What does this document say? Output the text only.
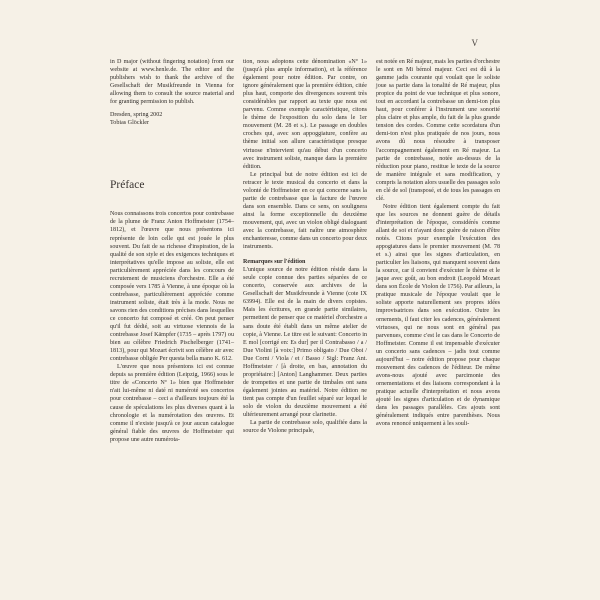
V

in D major (without fingering notation) from our website at www.henle.de. The editor and the publishers wish to thank the archive of the Gesellschaft der Musikfreunde in Vienna for allowing them to consult the source material and for granting permission to publish.

Dresden, spring 2002

Tobias Glöckler

Préface

Nous connaissons trois concertos pour contrebasse de la plume de Franz Anton Hoffmeister (1754–1812), et l'œuvre que nous présentons ici représente de loin celle qui est jouée le plus souvent. Du fait de sa richesse d'inspiration, de la qualité de son style et des exigences techniques et interprétatives qu'elle impose au soliste, elle est particulièrement appréciée dans les concours de recrutement de musiciens d'orchestre. Elle a été composée vers 1785 à Vienne, à une époque où la contrebasse, particulièrement appréciée comme instrument soliste, était très à la mode. Nous ne savons rien des conditions précises dans lesquelles ce concerto fut composé et créé. On peut penser qu'il fut dédié, soit au virtuose viennois de la contrebasse Josef Kämpfer (1735 – après 1797) ou bien au célèbre Friedrich Pischelberger (1741–1813), pour qui Mozart écrivit son célèbre air avec contrebasse obligée Per questa bella mano K. 612.

L'œuvre que nous présentons ici est connue depuis sa première édition (Leipzig, 1966) sous le titre de «Concerto Nº 1» bien que Hoffmeister n'ait lui-même ni daté ni numéroté ses concertos pour contrebasse – ceci a d'ailleurs toujours été la cause de spéculations les plus diverses quant à la chronologie et la numérotation des œuvres. Et comme il n'existe jusqu'à ce jour aucun catalogue général fiable des œuvres de Hoffmeister qui propose une autre numérota-

tion, nous adoptons cette dénomination «Nº 1» (jusqu'à plus ample information), et la référence également pour notre édition. Par contre, on ignore généralement que la première édition, citée plus haut, comporte des divergences souvent très considérables par rapport au texte que nous est parvenu. Comme exemple caractéristique, citons le thème de l'exposition du solo dans le 1er mouvement (M. 28 et s.). Le passage en doubles croches qui, avec son appoggiature, confère au thème initial son allure caractéristique presque virtuose n'intervient qu'au début d'un concerto avec instrument soliste, manque dans la première édition.

Le principal but de notre édition est ici de retracer le texte musical du concerto et dans la volonté de Hoffmeister en ce qui concerne sans la partie de contrebasse que la facture de l'œuvre dans son ensemble. Dans ce sens, on soulignera ainsi la forme exceptionnelle du deuxième mouvement, qui, avec un violon obligé dialoguant avec la contrebasse, fait naître une atmosphère enchanteresse, comme dans un concerto pour deux instruments.

Remarques sur l'édition

L'unique source de notre édition réside dans la seule copie connue des parties séparées de ce concerto, conservée aux archives de la Gesellschaft der Musikfreunde à Vienne (cote IX 63994). Elle est de la main de divers copistes. Mais les écritures, en grande partie similaires, permettent de penser que ce matériel d'orchestre a sans doute été établi dans un même atelier de copie, à Vienne. Le titre est le suivant: Concerto in E mol [corrigé en: Es dur] per il Contrabasso / a / Due Violini [à voix:] Primo obligato / Due Oboi / Due Corni / Viola / et / Basso / Sigl: Franz Ant. Hoffmeister / [à droite, en bas, annotation du propriétaire:] [Anton] Langhammer. Deux parties de trompettes et une partie de timbales ont sans également jointes au matériel. Notre édition ne tient pas compte d'un feuillet séparé sur lequel le solo de violon du deuxième mouvement a été ultérieurement arrangé pour clarinette.

La partie de contrebasse solo, qualifiée dans la source de Violone principale,

est notée en Ré majeur, mais les parties d'orchestre le sont en Mi bémol majeur. Ceci est dû à la gamme jadis courante qui voulait que le soliste joue sa partie dans la tonalité de Ré majeur, plus propice du point de vue technique et plus sonore, tout en accordant la contrebasse un demi-ton plus haut, pour conférer à l'instrument une sonorité plus claire et plus ample, du fait de la plus grande tension des cordes. Comme cette scordatura d'un demi-ton n'est plus pratiquée de nos jours, nous avons dû nous résoudre à transposer l'accompagnement également en Ré majeur. La partie de contrebasse, notée au-dessus de la réduction pour piano, restitue le texte de la source de manière intégrale et sans modification, y compris la notation alors usuelle des passages solo en clé de sol (transposé, et de tous les passages en clé.

Notre édition tient également compte du fait que les sources ne donnent guère de détails d'interprétation de l'époque, considérés comme allant de soi et n'ayant donc guère de raison d'être notés. Citons pour exemple l'exécution des appogiatures dans le premier mouvement (M. 78 et s.) ainsi que les signes d'articulation, en particulier les liaisons, qui manquent souvent dans la source, car il convient d'exécuter le thème et le jaque avec goût, au bon endroit (Leopold Mozart dans son École de Violon de 1756). Par ailleurs, la pratique musicale de l'époque voulait que le soliste apporte naturellement ses propres idées improvisatrices dans son exécution. Outre les ornements, il faut citer les cadences, généralement virtuoses, qui ne nous sont en général pas parvenues, comme c'est le cas dans le Concerto de Hoffmeister. Comme il est impensable d'exécuter un concerto sans cadences – jadis tout comme aujourd'hui – notre édition propose pour chaque mouvement des cadences de l'éditeur. De même avons-nous ajouté avec parcimonie des ornementations et des liaisons correspondant à la pratique actuelle d'interprétation et nous avons ajouté les signes d'articulation et de dynamique dans les passages parallèles. Ces ajouts sont généralement indiqués entre parenthèses. Nous avons renoncé uniquement à les souli-
